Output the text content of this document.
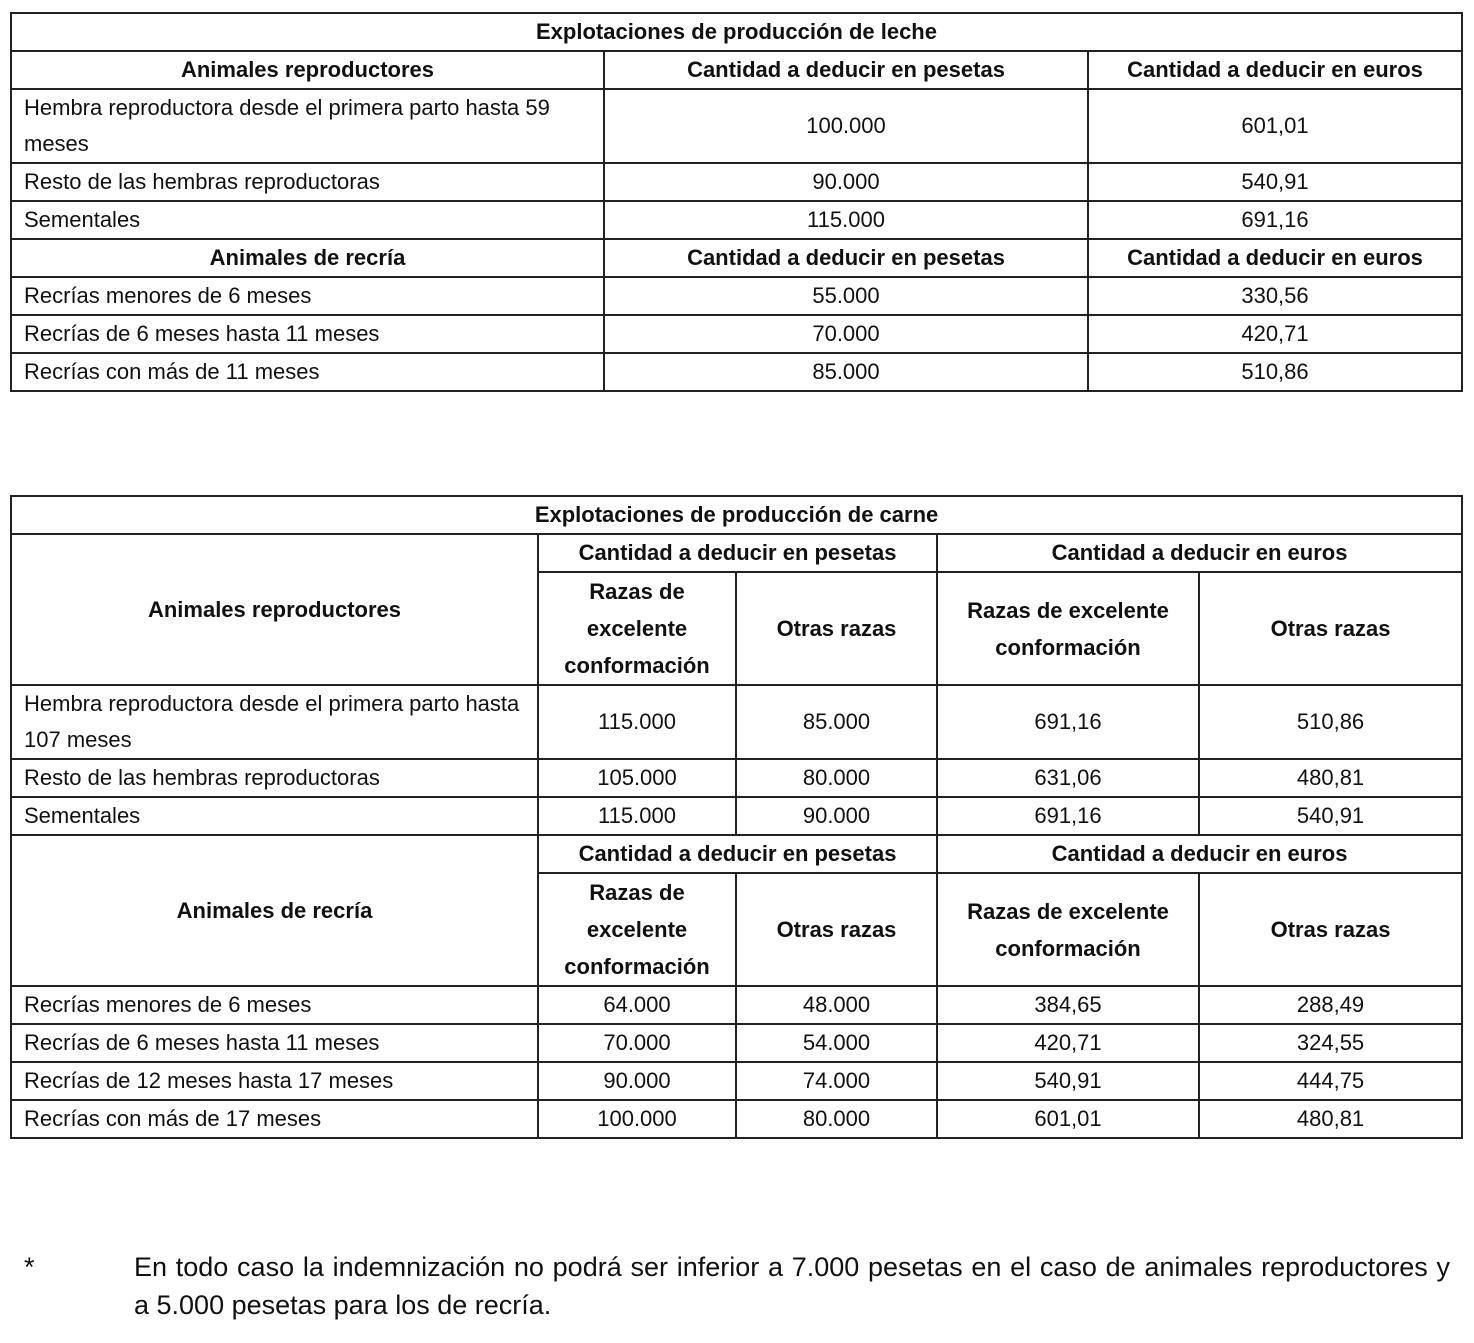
Explotaciones de producción de leche		
Animales reproductores	Cantidad a deducir en pesetas	Cantidad a deducir en euros
Hembra reproductora desde el primera parto hasta 59 meses	100.000	601,01
Resto de las hembras reproductoras	90.000	540,91
Sementales	115.000	691,16
Animales de recría	Cantidad a deducir en pesetas	Cantidad a deducir en euros
Recrías menores de 6 meses	55.000	330,56
Recrías de 6 meses hasta 11 meses	70.000	420,71
Recrías con más de 11 meses	85.000	510,86
Explotaciones de producción de carne				
Animales reproductores	Cantidad a deducir en pesetas		Cantidad a deducir en euros	
	Razas de excelente conformación	Otras razas	Razas de excelente conformación	Otras razas
Hembra reproductora desde el primera parto hasta 107 meses	115.000	85.000	691,16	510,86
Resto de las hembras reproductoras	105.000	80.000	631,06	480,81
Sementales	115.000	90.000	691,16	540,91
Animales de recría	Cantidad a deducir en pesetas		Cantidad a deducir en euros	
	Razas de excelente conformación	Otras razas	Razas de excelente conformación	Otras razas
Recrías menores de 6 meses	64.000	48.000	384,65	288,49
Recrías de 6 meses hasta 11 meses	70.000	54.000	420,71	324,55
Recrías de 12 meses hasta 17 meses	90.000	74.000	540,91	444,75
Recrías con más de 17 meses	100.000	80.000	601,01	480,81
*	En todo caso la indemnización no podrá ser inferior a 7.000 pesetas en el caso de animales reproductores y a 5.000 pesetas para los de recría.
